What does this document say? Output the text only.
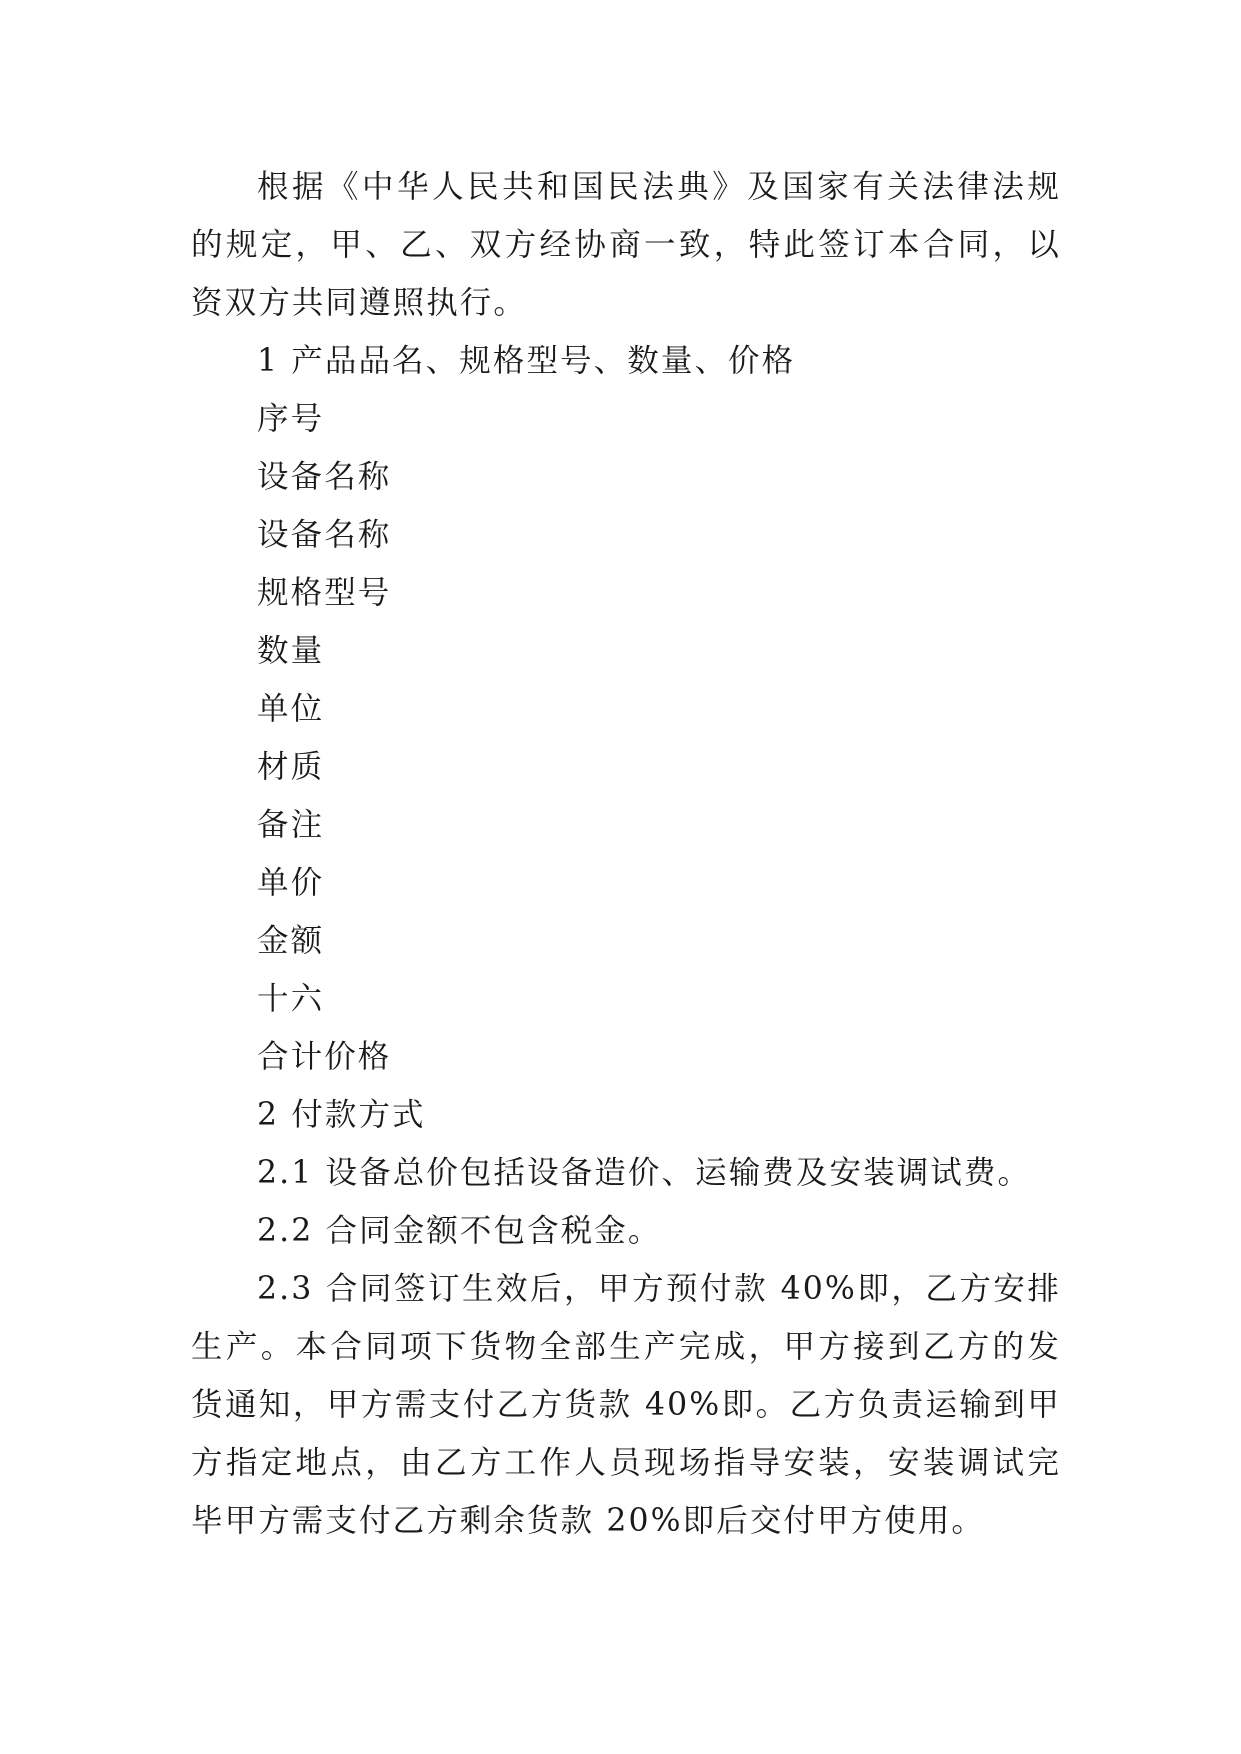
根据《中华人民共和国民法典》及国家有关法律法规的规定，甲、乙、双方经协商一致，特此签订本合同，以资双方共同遵照执行。

1 产品品名、规格型号、数量、价格

序号

设备名称

设备名称

规格型号

数量

单位

材质

备注

单价

金额

十六

合计价格

2 付款方式

2.1 设备总价包括设备造价、运输费及安装调试费。

2.2 合同金额不包含税金。

2.3 合同签订生效后，甲方预付款 40%即，乙方安排生产。本合同项下货物全部生产完成，甲方接到乙方的发货通知，甲方需支付乙方货款 40%即。乙方负责运输到甲方指定地点，由乙方工作人员现场指导安装，安装调试完毕甲方需支付乙方剩余货款 20%即后交付甲方使用。
